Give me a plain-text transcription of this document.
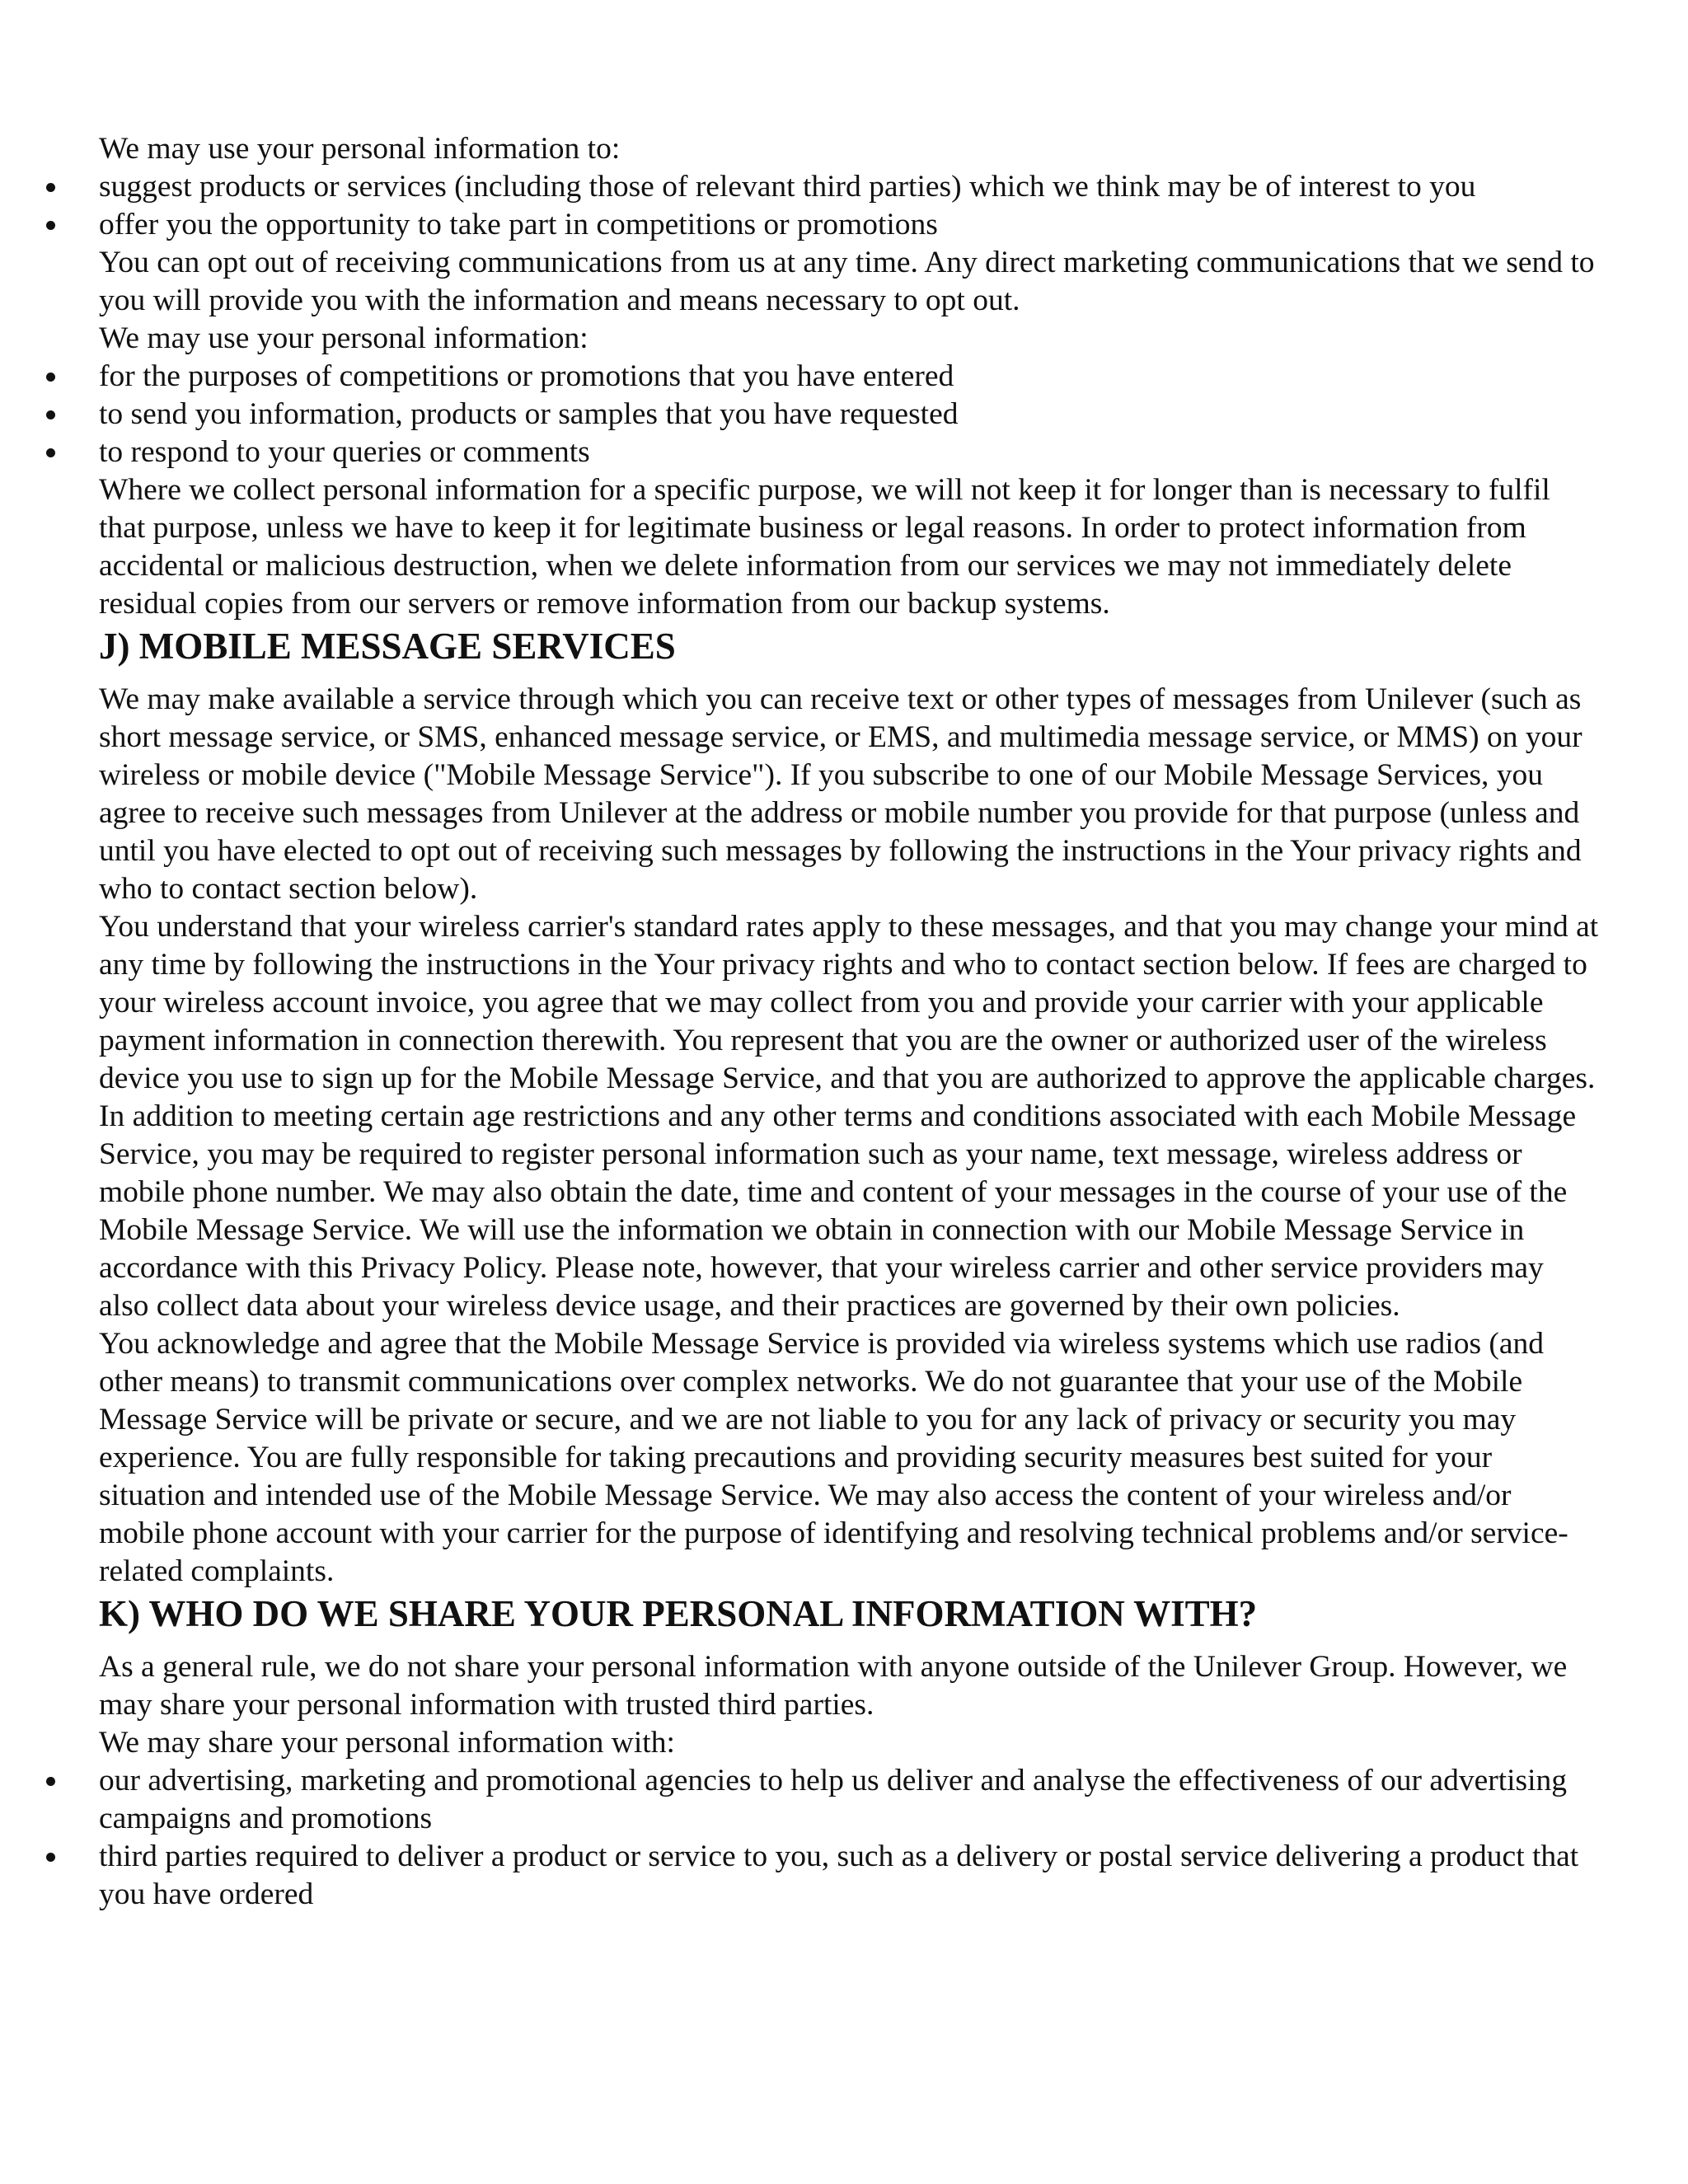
We may use your personal information to:

suggest products or services (including those of relevant third parties) which we think may be of interest to you
offer you the opportunity to take part in competitions or promotions

You can opt out of receiving communications from us at any time. Any direct marketing communications that we send to you will provide you with the information and means necessary to opt out.

We may use your personal information:

for the purposes of competitions or promotions that you have entered
to send you information, products or samples that you have requested
to respond to your queries or comments

Where we collect personal information for a specific purpose, we will not keep it for longer than is necessary to fulfil that purpose, unless we have to keep it for legitimate business or legal reasons. In order to protect information from accidental or malicious destruction, when we delete information from our services we may not immediately delete residual copies from our servers or remove information from our backup systems.

J) MOBILE MESSAGE SERVICES

We may make available a service through which you can receive text or other types of messages from Unilever (such as short message service, or SMS, enhanced message service, or EMS, and multimedia message service, or MMS) on your wireless or mobile device ("Mobile Message Service"). If you subscribe to one of our Mobile Message Services, you agree to receive such messages from Unilever at the address or mobile number you provide for that purpose (unless and until you have elected to opt out of receiving such messages by following the instructions in the Your privacy rights and who to contact section below).

You understand that your wireless carrier's standard rates apply to these messages, and that you may change your mind at any time by following the instructions in the Your privacy rights and who to contact section below. If fees are charged to your wireless account invoice, you agree that we may collect from you and provide your carrier with your applicable payment information in connection therewith. You represent that you are the owner or authorized user of the wireless device you use to sign up for the Mobile Message Service, and that you are authorized to approve the applicable charges. In addition to meeting certain age restrictions and any other terms and conditions associated with each Mobile Message Service, you may be required to register personal information such as your name, text message, wireless address or mobile phone number. We may also obtain the date, time and content of your messages in the course of your use of the Mobile Message Service. We will use the information we obtain in connection with our Mobile Message Service in accordance with this Privacy Policy. Please note, however, that your wireless carrier and other service providers may also collect data about your wireless device usage, and their practices are governed by their own policies.

You acknowledge and agree that the Mobile Message Service is provided via wireless systems which use radios (and other means) to transmit communications over complex networks. We do not guarantee that your use of the Mobile Message Service will be private or secure, and we are not liable to you for any lack of privacy or security you may experience. You are fully responsible for taking precautions and providing security measures best suited for your situation and intended use of the Mobile Message Service. We may also access the content of your wireless and/or mobile phone account with your carrier for the purpose of identifying and resolving technical problems and/or service-related complaints.

K) WHO DO WE SHARE YOUR PERSONAL INFORMATION WITH?

As a general rule, we do not share your personal information with anyone outside of the Unilever Group. However, we may share your personal information with trusted third parties.

We may share your personal information with:

our advertising, marketing and promotional agencies to help us deliver and analyse the effectiveness of our advertising campaigns and promotions
third parties required to deliver a product or service to you, such as a delivery or postal service delivering a product that you have ordered
